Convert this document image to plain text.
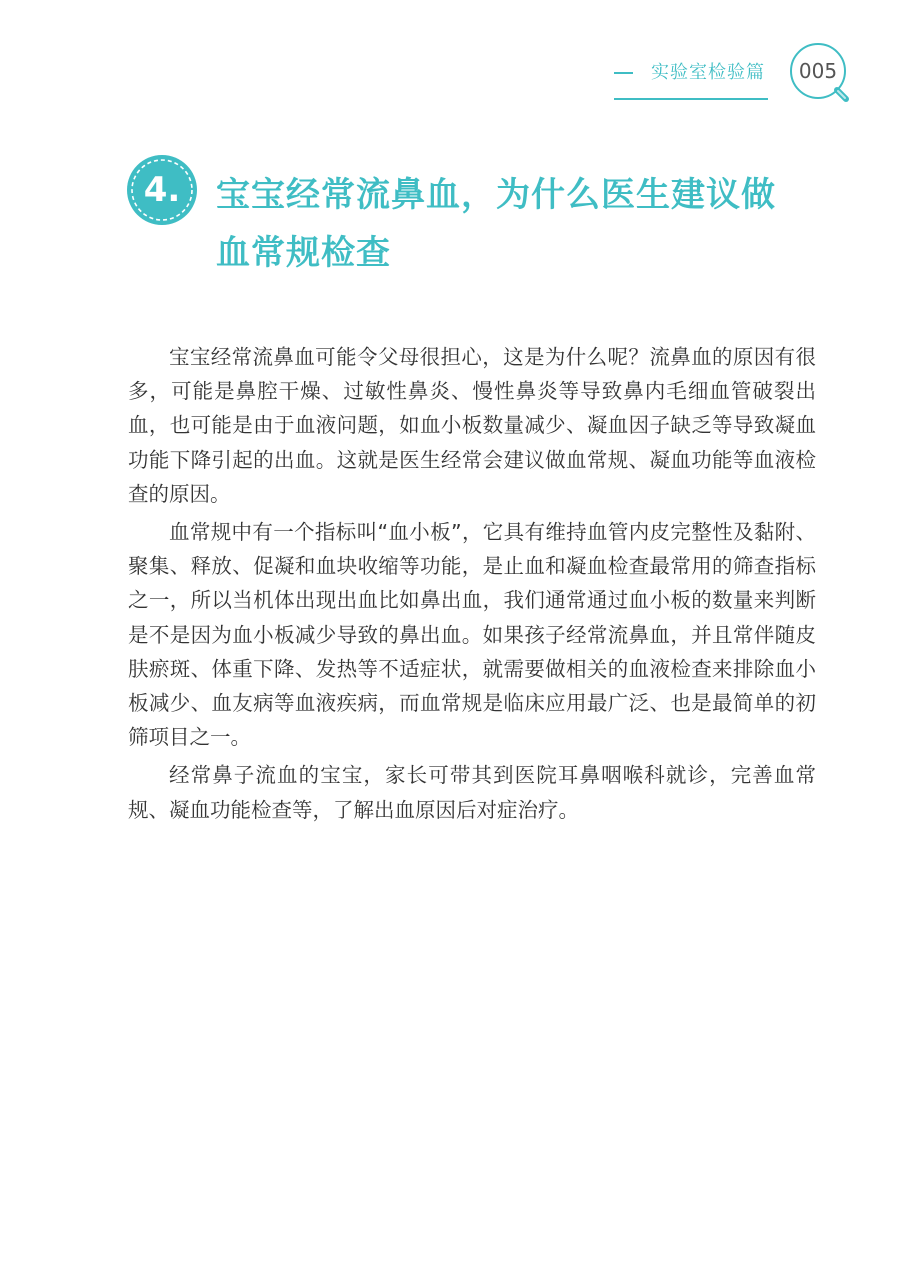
实验室检验篇	005
4.	宝宝经常流鼻血，为什么医生建议做
血常规检查

宝宝经常流鼻血可能令父母很担心，这是为什么呢？流鼻血的原因有很多，可能是鼻腔干燥、过敏性鼻炎、慢性鼻炎等导致鼻内毛细血管破裂出血，也可能是由于血液问题，如血小板数量减少、凝血因子缺乏等导致凝血功能下降引起的出血。这就是医生经常会建议做血常规、凝血功能等血液检查的原因。

血常规中有一个指标叫“血小板”，它具有维持血管内皮完整性及黏附、聚集、释放、促凝和血块收缩等功能，是止血和凝血检查最常用的筛查指标之一，所以当机体出现出血比如鼻出血，我们通常通过血小板的数量来判断是不是因为血小板减少导致的鼻出血。如果孩子经常流鼻血，并且常伴随皮肤瘀斑、体重下降、发热等不适症状，就需要做相关的血液检查来排除血小板减少、血友病等血液疾病，而血常规是临床应用最广泛、也是最简单的初筛项目之一。

经常鼻子流血的宝宝，家长可带其到医院耳鼻咽喉科就诊，完善血常规、凝血功能检查等，了解出血原因后对症治疗。
